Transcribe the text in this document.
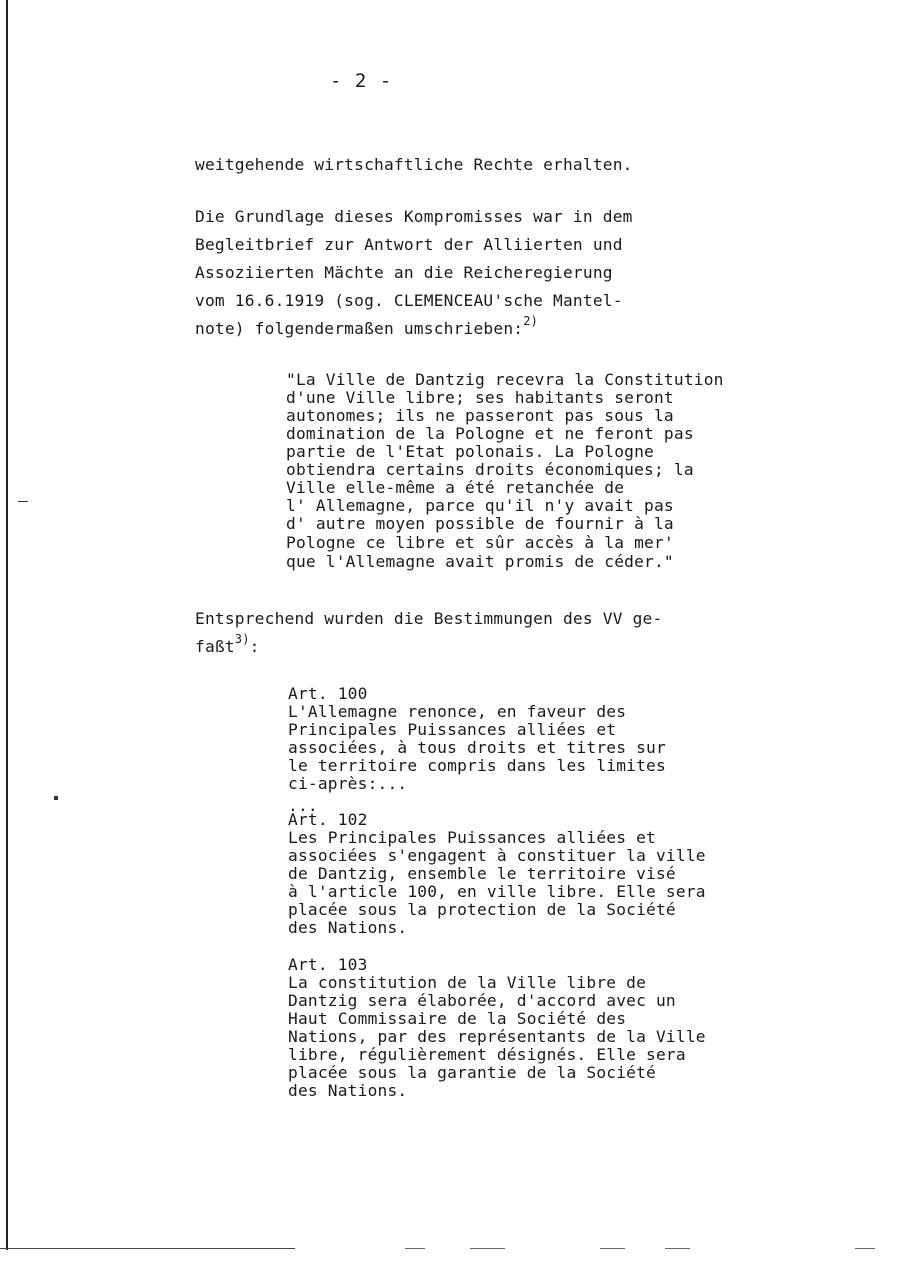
- 2 -
weitgehende wirtschaftliche Rechte erhalten.
Die Grundlage dieses Kompromisses war in dem
Begleitbrief zur Antwort der Alliierten und
Assoziierten Mächte an die Reicheregierung
vom 16.6.1919 (sog. CLEMENCEAU'sche Mantel-
note) folgendermaßen umschrieben:$^{2)}$
"La Ville de Dantzig recevra la Constitution
d'une Ville libre; ses habitants seront
autonomes; ils ne passeront pas sous la
domination de la Pologne et ne feront pas
partie de l'Etat polonais. La Pologne
obtiendra certains droits économiques; la
Ville elle-même a été retanchée de
l' Allemagne, parce qu'il n'y avait pas
d' autre moyen possible de fournir à la
Pologne ce libre et sûr accès à la mer'
que l'Allemagne avait promis de céder."
Entsprechend wurden die Bestimmungen des VV ge-
faßt$^{3)}$:
Art. 100
L'Allemagne renonce, en faveur des
Principales Puissances alliées et
associées, à tous droits et titres sur
le territoire compris dans les limites
ci-après:...
...
Art. 102
Les Principales Puissances alliées et
associées s'engagent à constituer la ville
de Dantzig, ensemble le territoire visé
à l'article 100, en ville libre. Elle sera
placée sous la protection de la Société
des Nations.
Art. 103
La constitution de la Ville libre de
Dantzig sera élaborée, d'accord avec un
Haut Commissaire de la Société des
Nations, par des représentants de la Ville
libre, régulièrement désignés. Elle sera
placée sous la garantie de la Société
des Nations.
